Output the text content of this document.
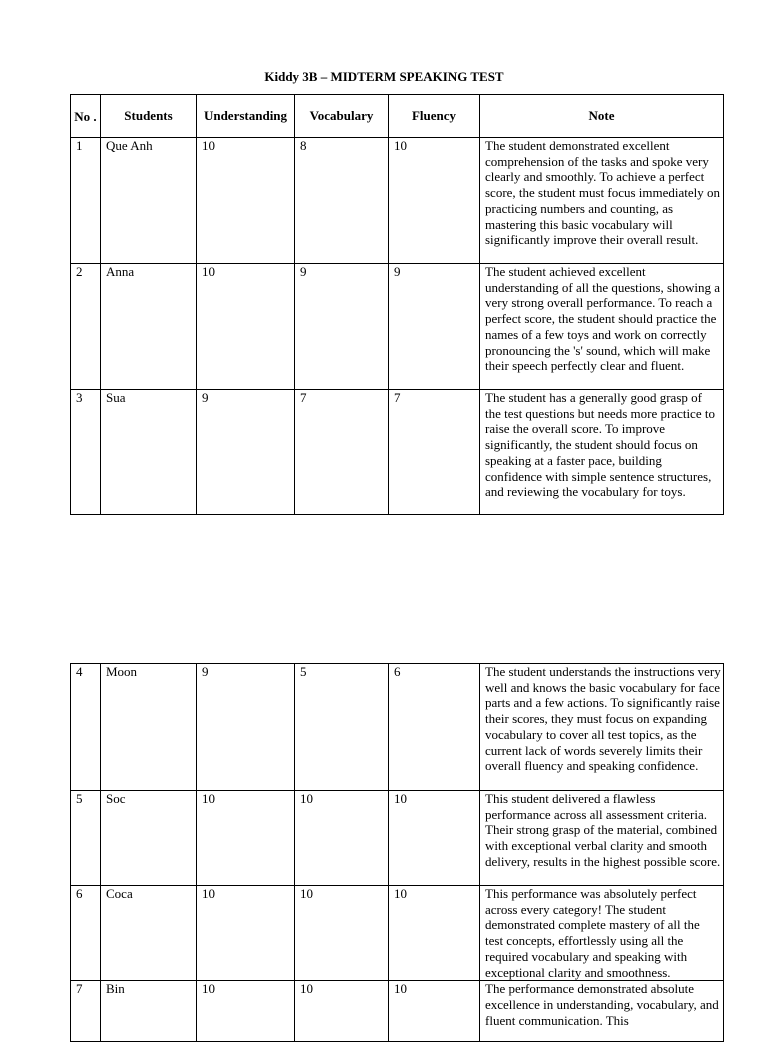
Kiddy 3B – MIDTERM SPEAKING TEST
No .	Students	Understanding	Vocabulary	Fluency	Note
1	Que Anh	10	8	10	The student demonstrated excellent comprehension of the tasks and spoke very clearly and smoothly. To achieve a perfect score, the student must focus immediately on practicing numbers and counting, as mastering this basic vocabulary will significantly improve their overall result.
2	Anna	10	9	9	The student achieved excellent understanding of all the questions, showing a very strong overall performance. To reach a perfect score, the student should practice the names of a few toys and work on correctly pronouncing the 's' sound, which will make their speech perfectly clear and fluent.
3	Sua	9	7	7	The student has a generally good grasp of the test questions but needs more practice to raise the overall score. To improve significantly, the student should focus on speaking at a faster pace, building confidence with simple sentence structures, and reviewing the vocabulary for toys.
4	Moon	9	5	6	The student understands the instructions very well and knows the basic vocabulary for face parts and a few actions. To significantly raise their scores, they must focus on expanding vocabulary to cover all test topics, as the current lack of words severely limits their overall fluency and speaking confidence.
5	Soc	10	10	10	This student delivered a flawless performance across all assessment criteria. Their strong grasp of the material, combined with exceptional verbal clarity and smooth delivery, results in the highest possible score.
6	Coca	10	10	10	This performance was absolutely perfect across every category! The student demonstrated complete mastery of all the test concepts, effortlessly using all the required vocabulary and speaking with exceptional clarity and smoothness.
7	Bin	10	10	10	The performance demonstrated absolute excellence in understanding, vocabulary, and fluent communication. This
